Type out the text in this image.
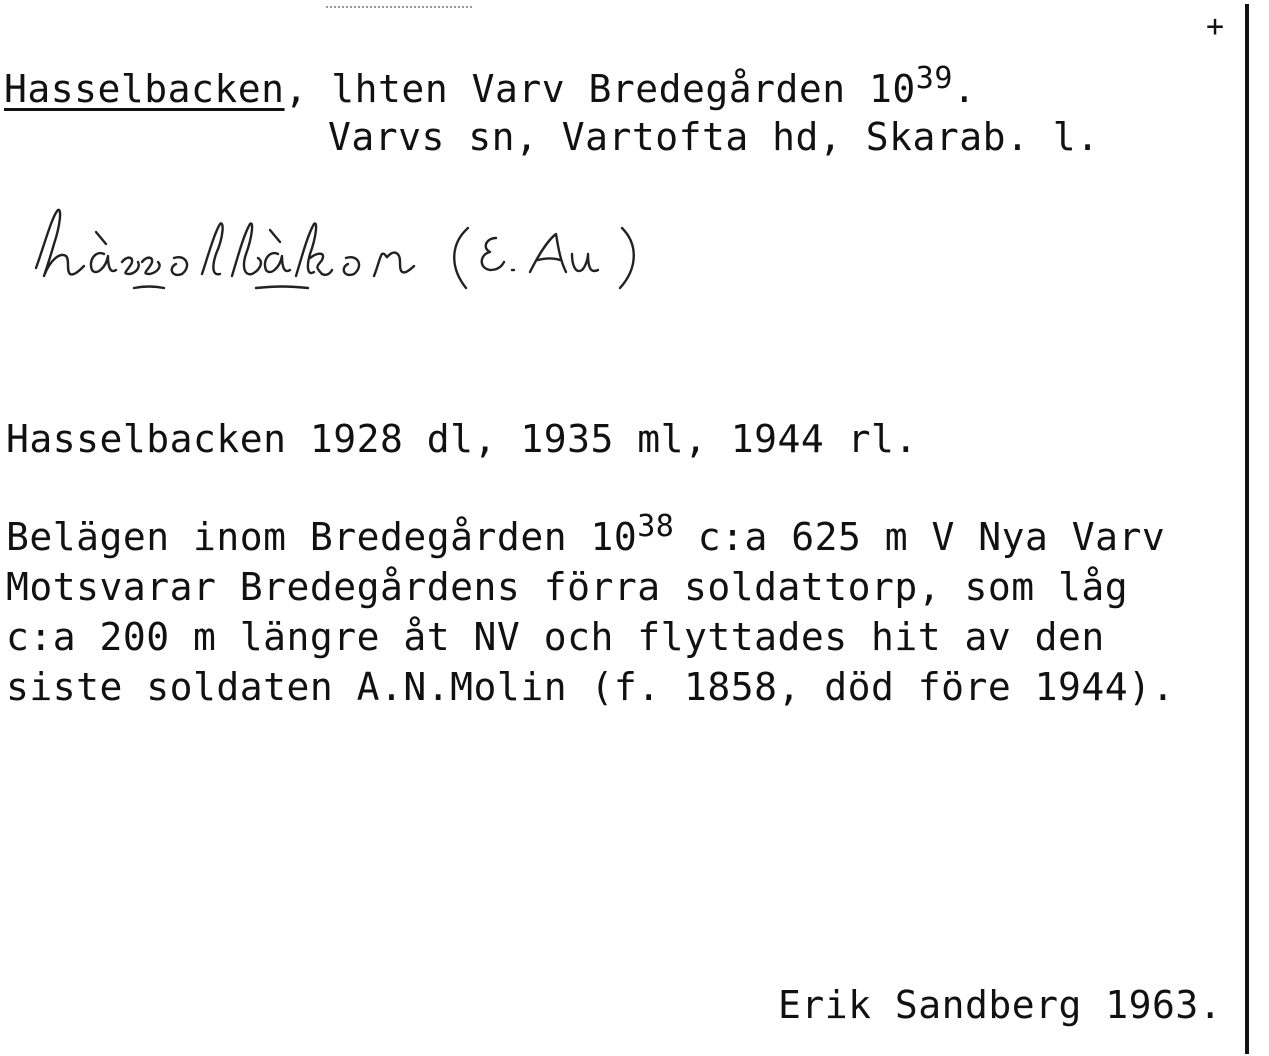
+
Hasselbacken, lhten Varv Bredegården $10^{39}$.
Varvs sn, Vartofta hd, Skarab. l.
Hasselbacken 1928 dl, 1935 ml, 1944 rl.
Belägen inom Bredegården $10^{38}$ c:a 625 m V Nya Varv
Motsvarar Bredegårdens förra soldattorp, som låg
c:a 200 m längre åt NV och flyttades hit av den
siste soldaten A.N.Molin (f. 1858, död före 1944).
Erik Sandberg 1963.
